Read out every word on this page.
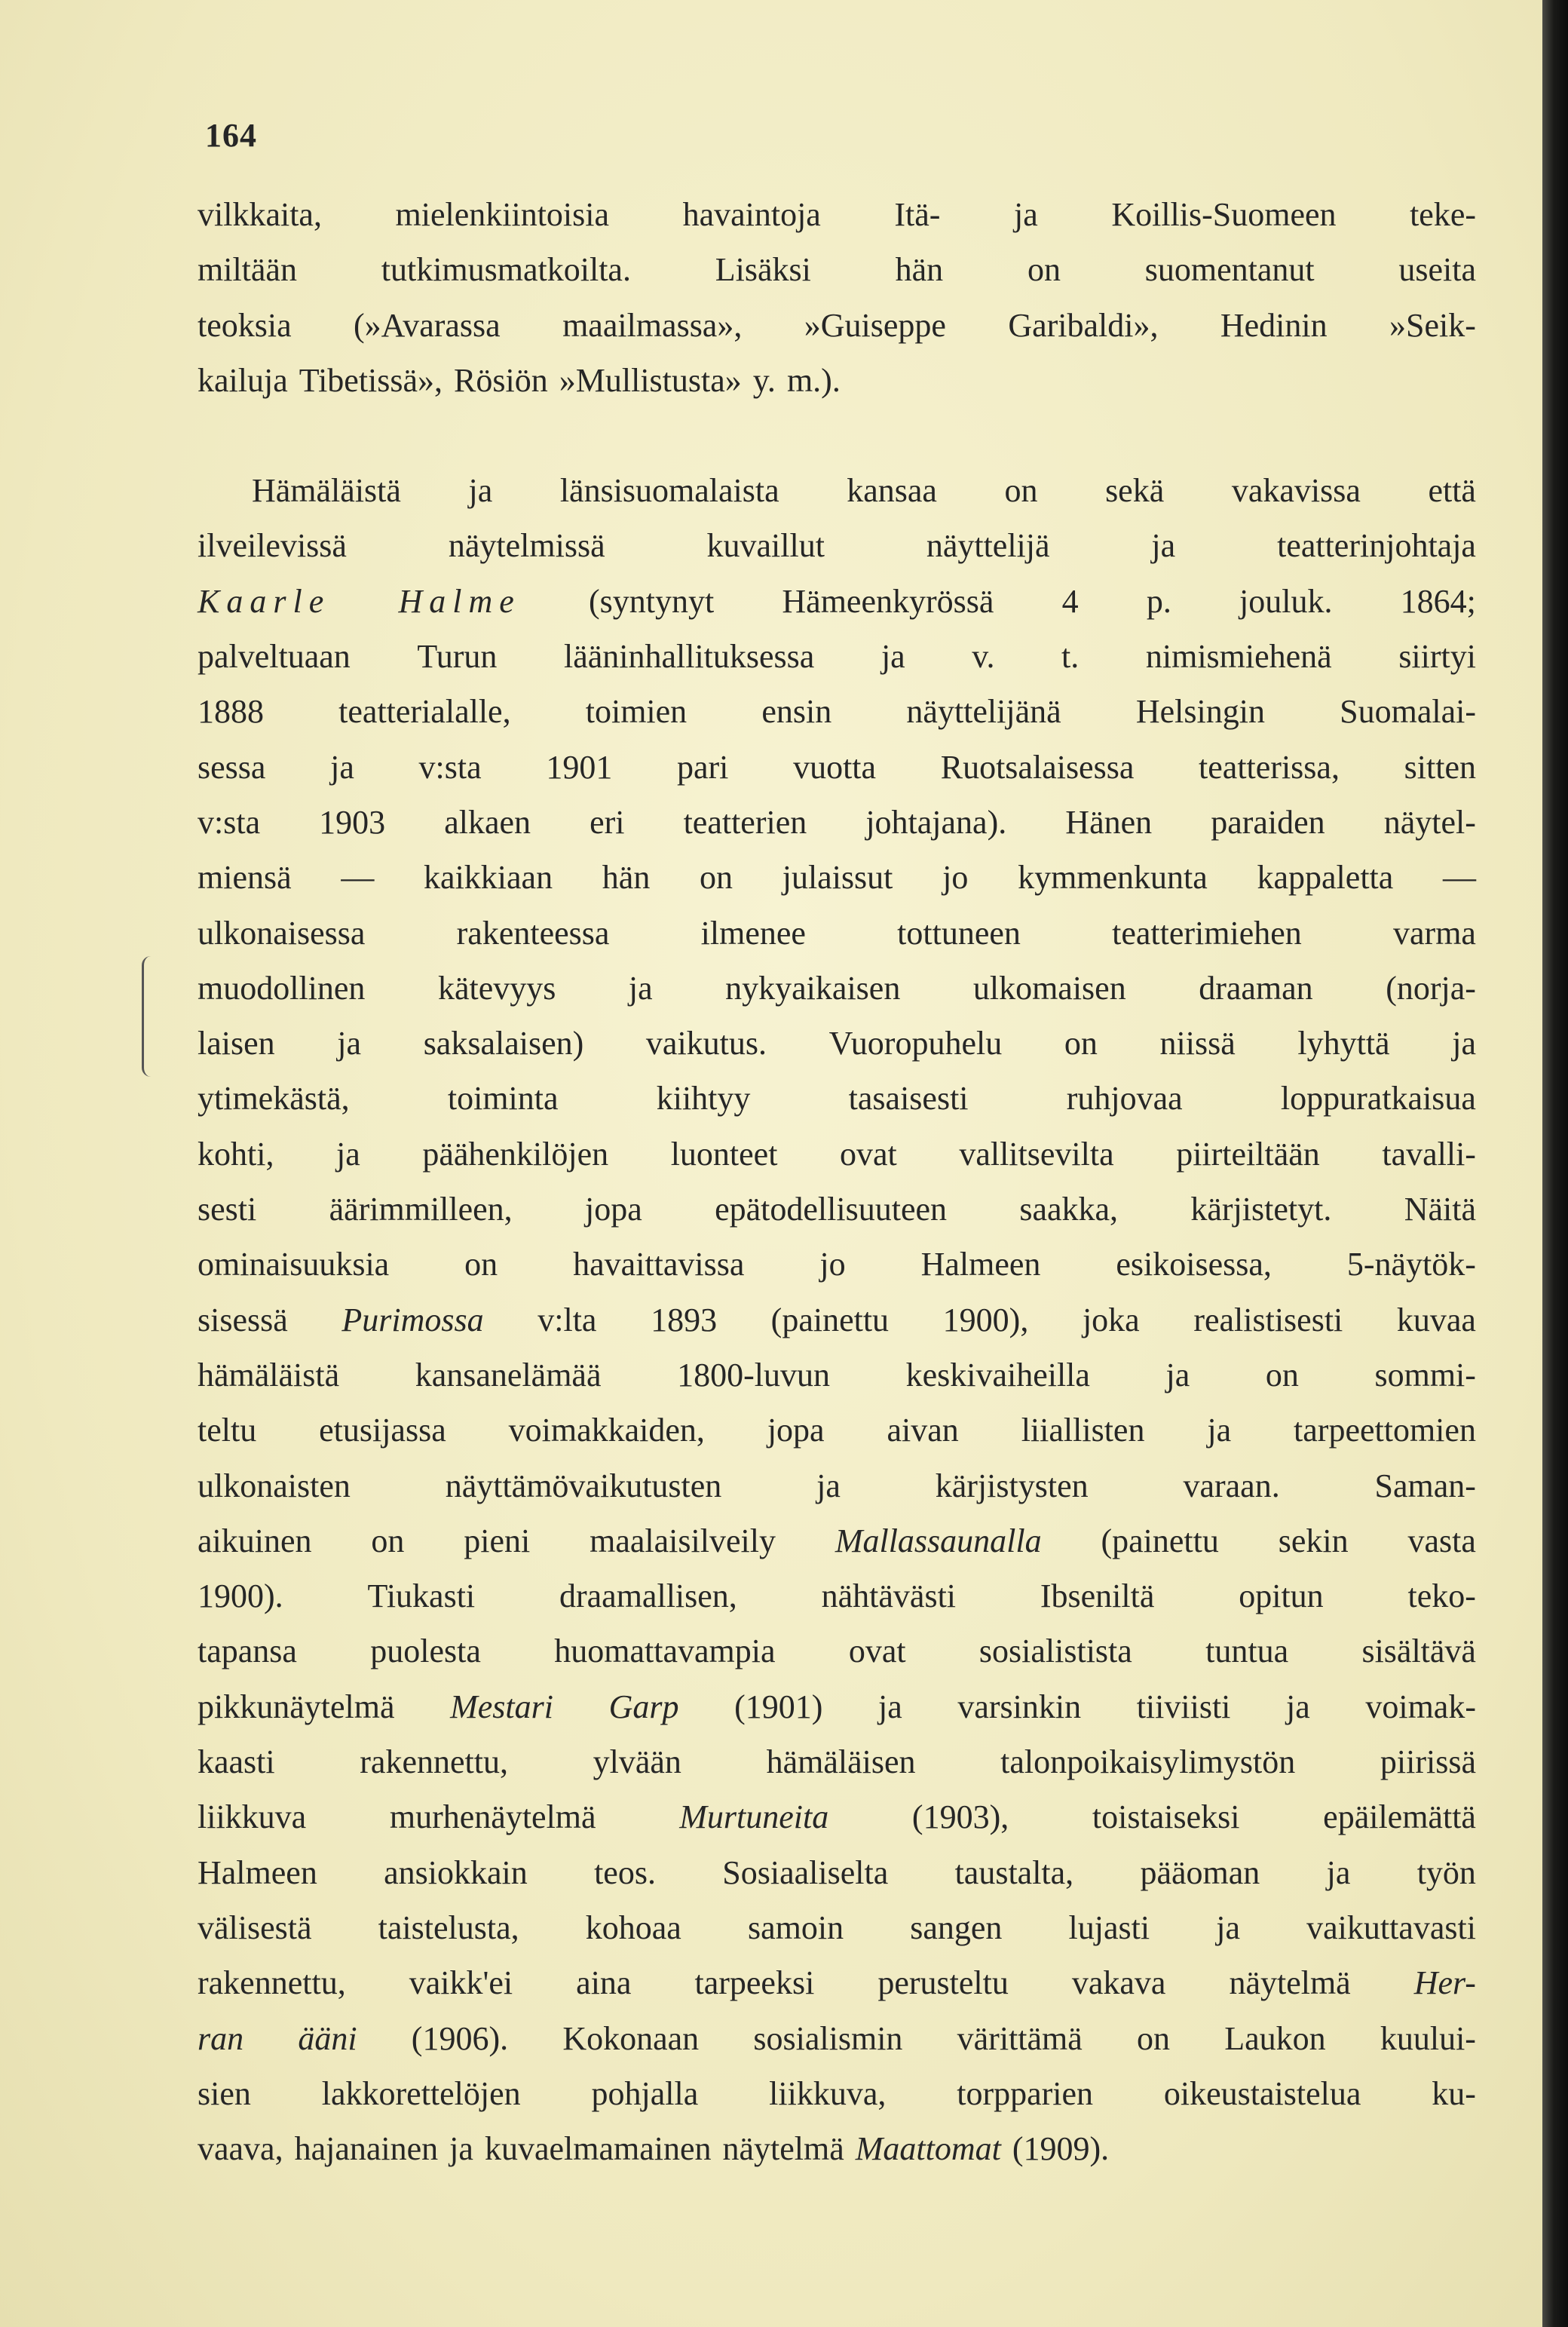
164
vilkkaita, mielenkiintoisia havaintoja Itä- ja Koillis-Suomeen teke-
miltään	tutkimusmatkoilta.	Lisäksi	hän	on	suomentanut	useita
teoksia (»Avarassa maailmassa», »Guiseppe Garibaldi», Hedinin »Seik-
kailuja Tibetissä», Rösiön »Mullistusta» y. m.).
Hämäläistä ja länsisuomalaista kansaa on sekä vakavissa että
ilveilevissä	näytelmissä	kuvaillut	näyttelijä	ja	teatterinjohtaja
Kaarle Halme (syntynyt Hämeenkyrössä 4 p. jouluk. 1864;
palveltuaan Turun lääninhallituksessa ja v. t. nimismiehenä siirtyi
1888 teatterialalle, toimien ensin näyttelijänä Helsingin Suomalai-
sessa ja v:sta 1901 pari vuotta Ruotsalaisessa teatterissa, sitten
v:sta 1903 alkaen eri teatterien johtajana). Hänen paraiden näytel-
miensä — kaikkiaan hän on julaissut jo kymmenkunta kappaletta —
ulkonaisessa	rakenteessa	ilmenee	tottuneen	teatterimiehen	varma
muodollinen kätevyys ja nykyaikaisen ulkomaisen draaman (norja-
laisen ja saksalaisen) vaikutus. Vuoropuhelu on niissä lyhyttä ja
ytimekästä,	toiminta	kiihtyy	tasaisesti	ruhjovaa	loppuratkaisua
kohti, ja päähenkilöjen luonteet ovat vallitsevilta piirteiltään tavalli-
sesti äärimmilleen, jopa epätodellisuuteen saakka, kärjistetyt. Näitä
ominaisuuksia on havaittavissa jo Halmeen esikoisessa, 5-näytök-
sisessä Purimossa v:lta 1893 (painettu 1900), joka realistisesti kuvaa
hämäläistä kansanelämää 1800-luvun keskivaiheilla ja on sommi-
teltu etusijassa voimakkaiden, jopa aivan liiallisten ja tarpeettomien
ulkonaisten	näyttämövaikutusten	ja	kärjistysten	varaan.	Saman-
aikuinen on pieni maalaisilveily Mallassaunalla (painettu sekin vasta
1900).	Tiukasti	draamallisen,	nähtävästi	Ibseniltä	opitun	teko-
tapansa puolesta huomattavampia ovat sosialistista tuntua sisältävä
pikkunäytelmä Mestari Garp (1901) ja varsinkin tiiviisti ja voimak-
kaasti	rakennettu,	ylvään	hämäläisen	talonpoikaisylimystön	piirissä
liikkuva	murhenäytelmä	Murtuneita	(1903),	toistaiseksi	epäilemättä
Halmeen ansiokkain teos. Sosiaaliselta taustalta, pääoman ja työn
välisestä taistelusta, kohoaa samoin sangen lujasti ja vaikuttavasti
rakennettu, vaikk'ei aina tarpeeksi perusteltu vakava näytelmä Her-
ran ääni (1906). Kokonaan sosialismin värittämä on Laukon kuului-
sien lakkorettelöjen pohjalla liikkuva, torpparien oikeustaistelua ku-
vaava, hajanainen ja kuvaelmamainen näytelmä Maattomat (1909).
